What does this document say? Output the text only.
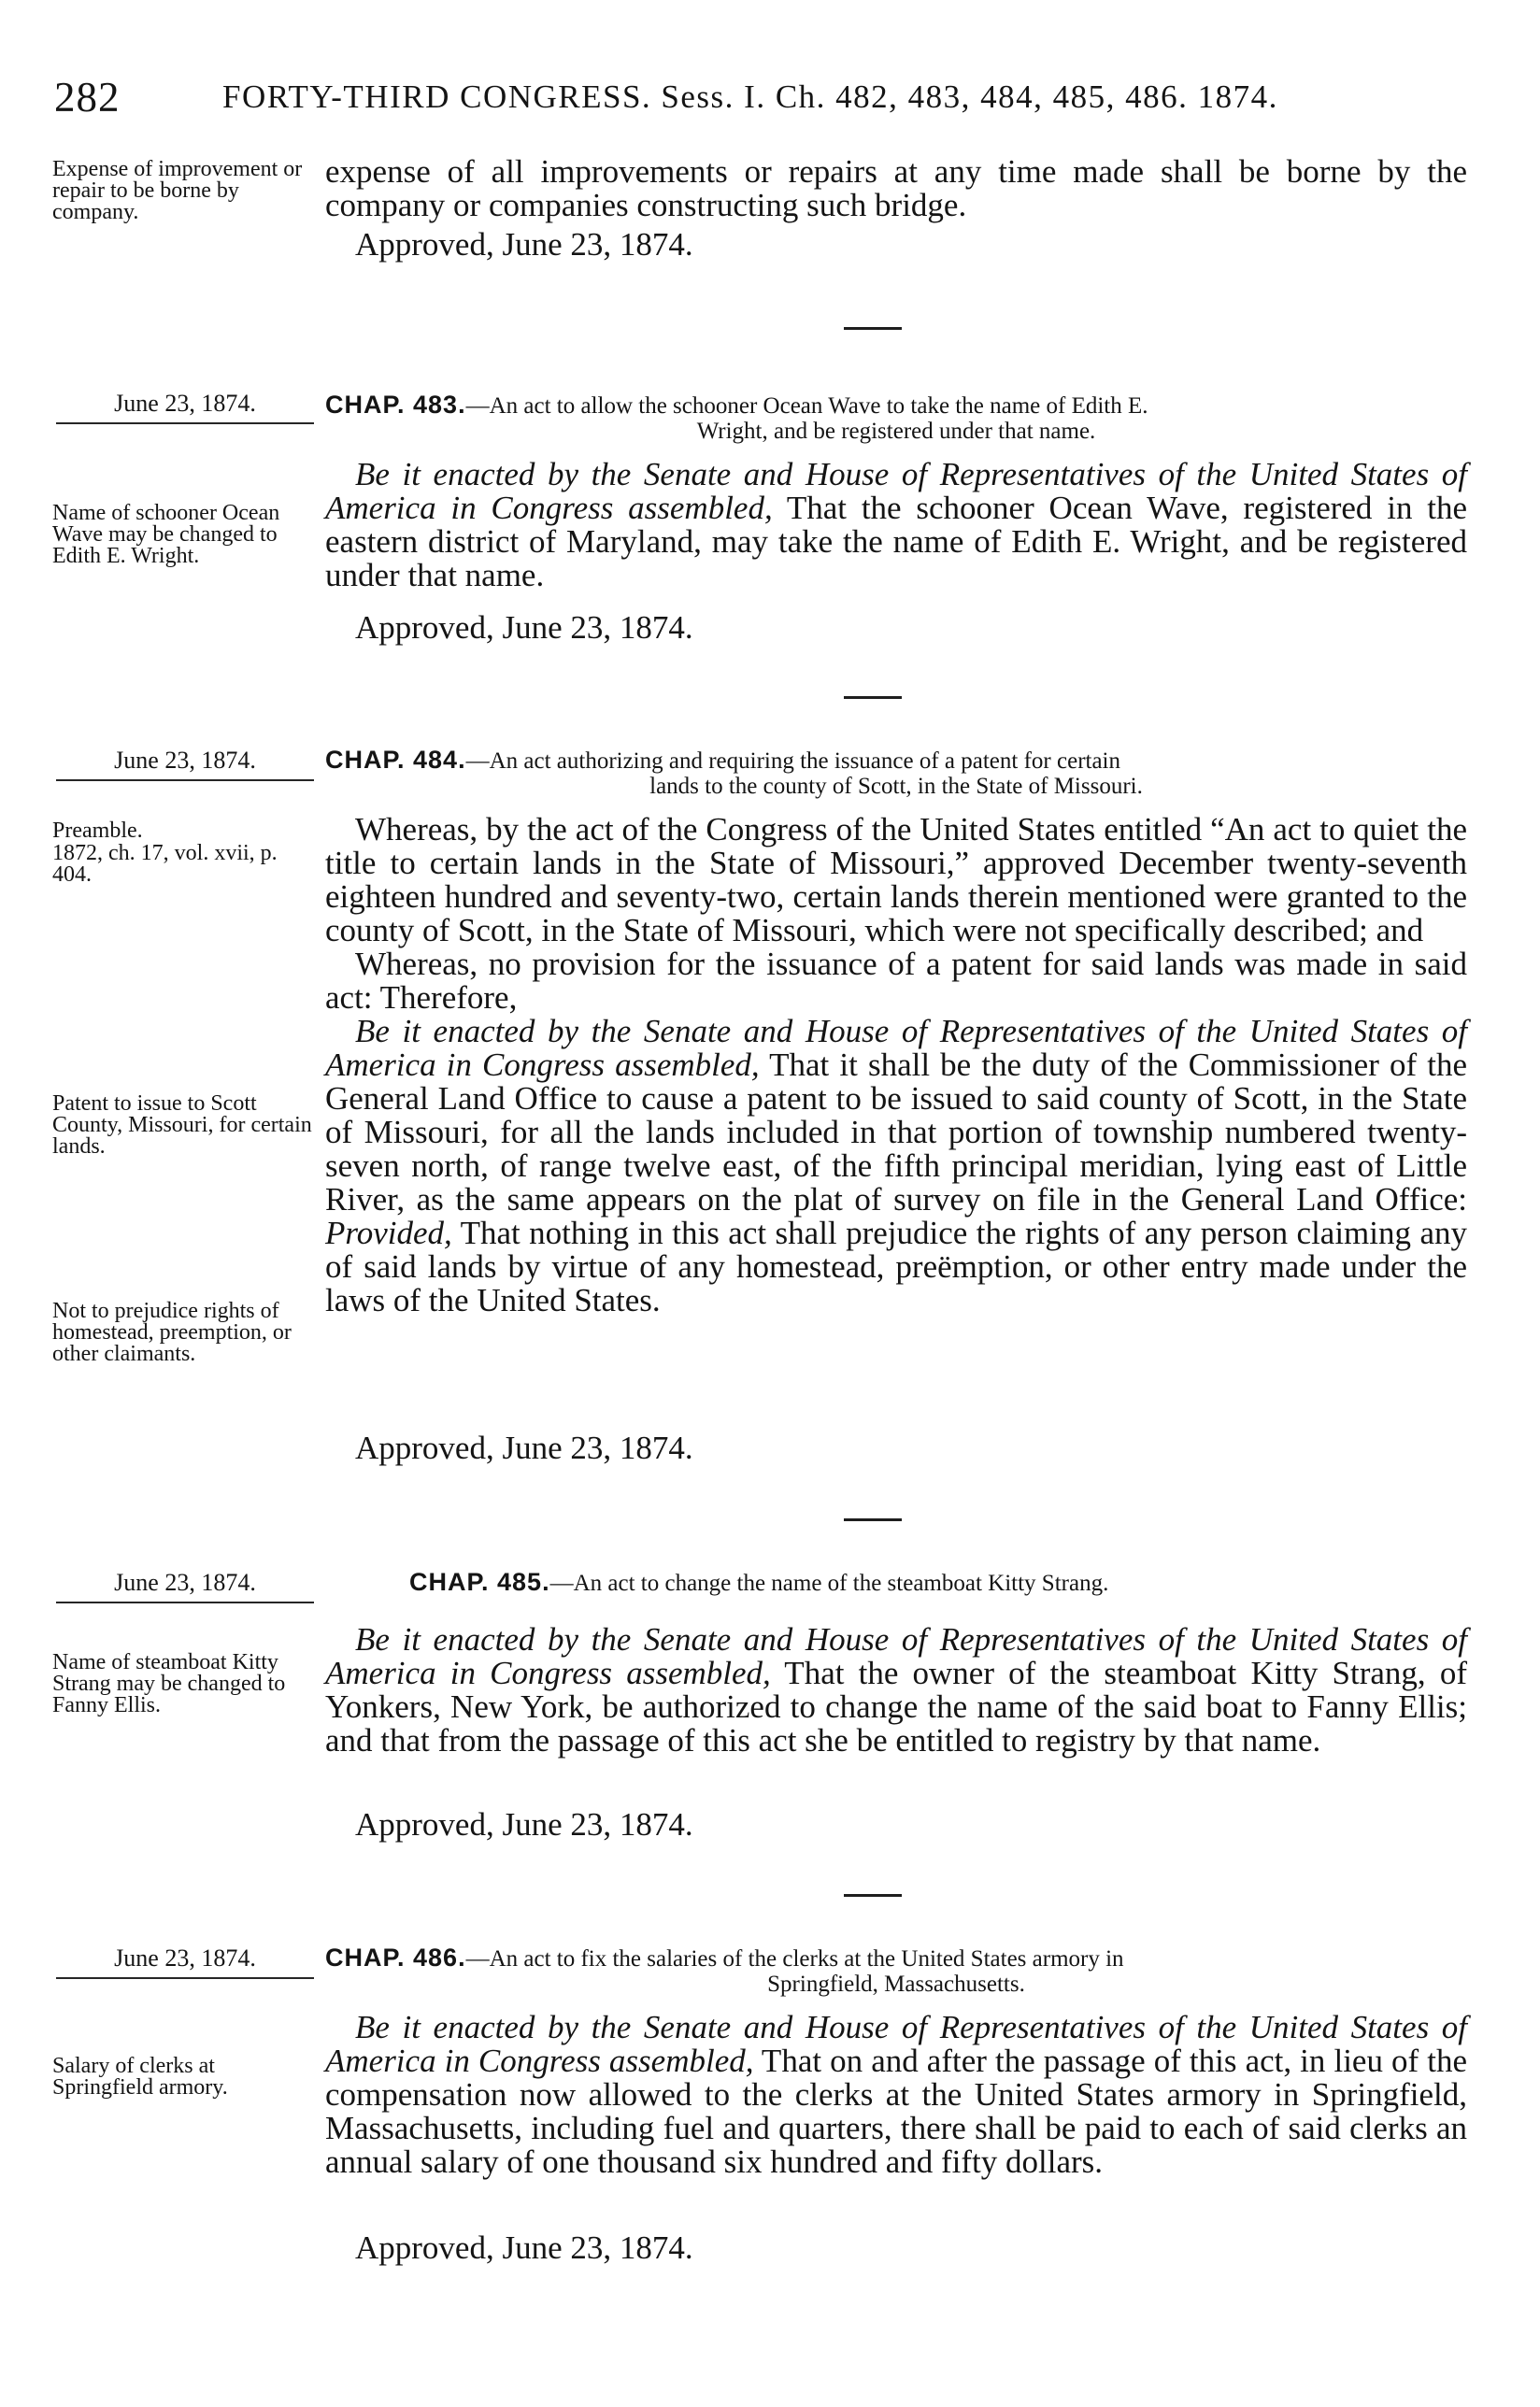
282	FORTY-THIRD CONGRESS. Sess. I. Ch. 482, 483, 484, 485, 486. 1874.
Expense of improvement or repair to be borne by company.

expense of all improvements or repairs at any time made shall be borne by the company or companies constructing such bridge.

Approved, June 23, 1874.
June 23, 1874.	CHAP. 483.—An act to allow the schooner Ocean Wave to take the name of Edith E.

Wright, and be registered under that name.

Name of schooner Ocean Wave may be changed to Edith E. Wright.

Be it enacted by the Senate and House of Representatives of the United States of America in Congress assembled, That the schooner Ocean Wave, registered in the eastern district of Maryland, may take the name of Edith E. Wright, and be registered under that name.

Approved, June 23, 1874.
June 23, 1874.	CHAP. 484.—An act authorizing and requiring the issuance of a patent for certain

lands to the county of Scott, in the State of Missouri.

Preamble.
1872, ch. 17, vol. xvii, p. 404.
Patent to issue to Scott County, Missouri, for certain lands.
Not to prejudice rights of homestead, preemption, or other claimants.

Whereas, by the act of the Congress of the United States entitled “An act to quiet the title to certain lands in the State of Missouri,” approved December twenty-seventh eighteen hundred and seventy-two, certain lands therein mentioned were granted to the county of Scott, in the State of Missouri, which were not specifically described; and

Whereas, no provision for the issuance of a patent for said lands was made in said act: Therefore,

Be it enacted by the Senate and House of Representatives of the United States of America in Congress assembled, That it shall be the duty of the Commissioner of the General Land Office to cause a patent to be issued to said county of Scott, in the State of Missouri, for all the lands included in that portion of township numbered twenty-seven north, of range twelve east, of the fifth principal meridian, lying east of Little River, as the same appears on the plat of survey on file in the General Land Office: Provided, That nothing in this act shall prejudice the rights of any person claiming any of said lands by virtue of any homestead, preëmption, or other entry made under the laws of the United States.

Approved, June 23, 1874.
June 23, 1874.	CHAP. 485.—An act to change the name of the steamboat Kitty Strang.

Name of steamboat Kitty Strang may be changed to Fanny Ellis.

Be it enacted by the Senate and House of Representatives of the United States of America in Congress assembled, That the owner of the steamboat Kitty Strang, of Yonkers, New York, be authorized to change the name of the said boat to Fanny Ellis; and that from the passage of this act she be entitled to registry by that name.

Approved, June 23, 1874.
June 23, 1874.	CHAP. 486.—An act to fix the salaries of the clerks at the United States armory in

Springfield, Massachusetts.

Salary of clerks at Springfield armory.

Be it enacted by the Senate and House of Representatives of the United States of America in Congress assembled, That on and after the passage of this act, in lieu of the compensation now allowed to the clerks at the United States armory in Springfield, Massachusetts, including fuel and quarters, there shall be paid to each of said clerks an annual salary of one thousand six hundred and fifty dollars.

Approved, June 23, 1874.
